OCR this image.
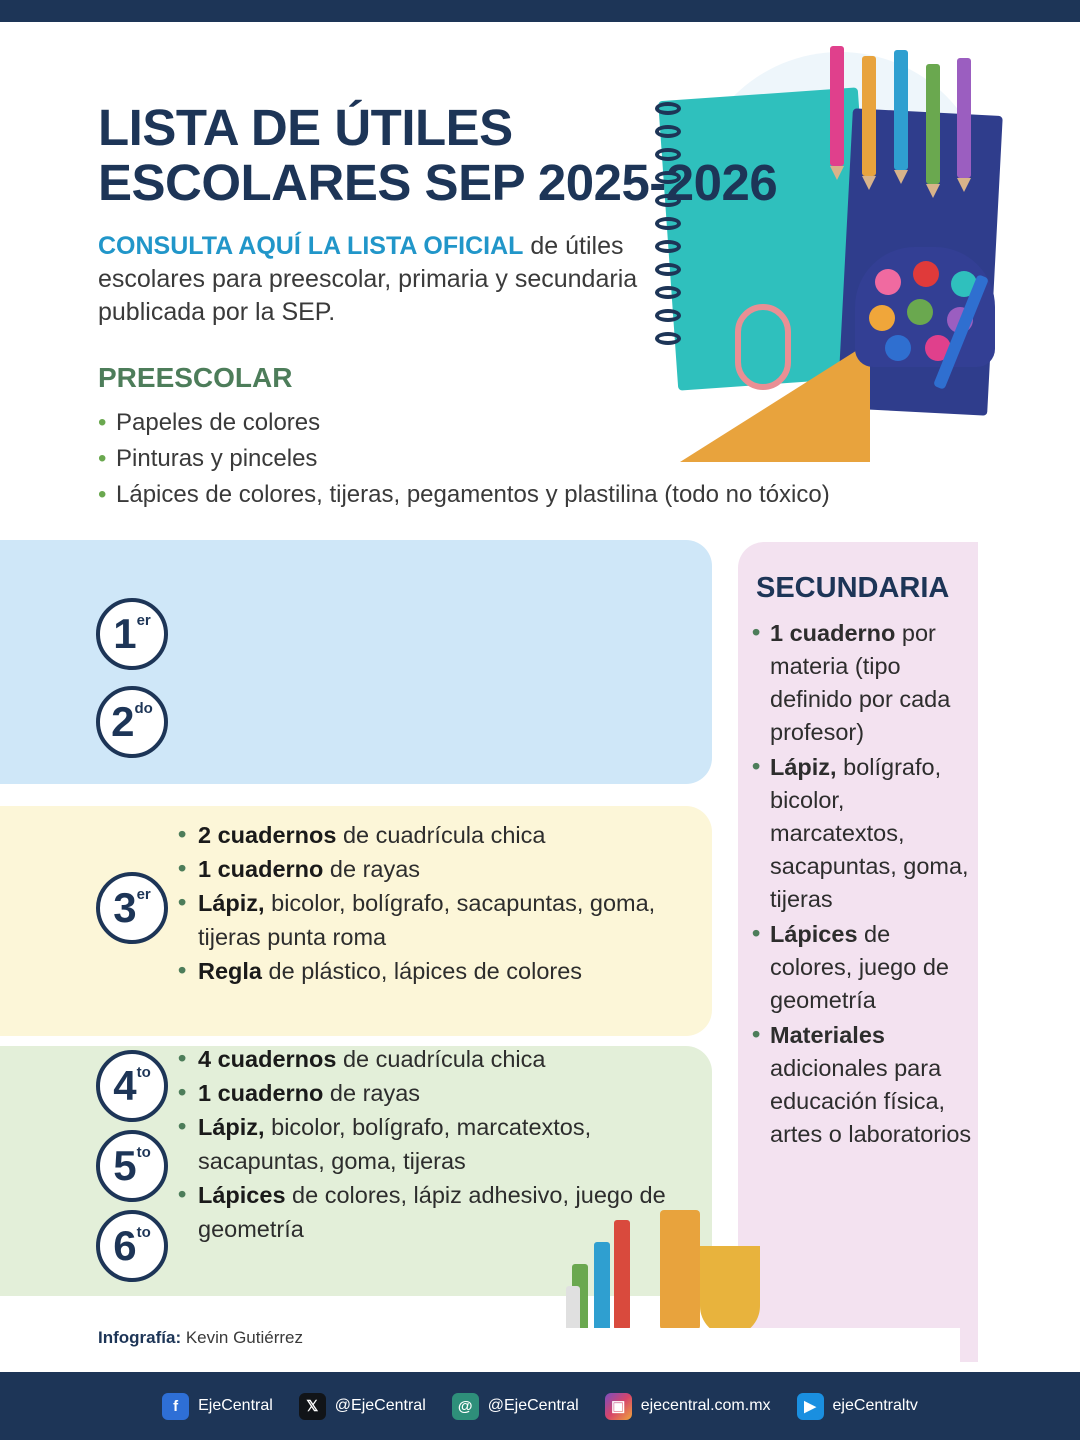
LISTA DE ÚTILES
ESCOLARES SEP 2025-2026
CONSULTA AQUÍ LA LISTA OFICIAL de útiles escolares para preescolar, primaria y secundaria publicada por la SEP.
PREESCOLAR
• Papeles de colores
• Pinturas y pinceles
• Lápices de colores, tijeras, pegamentos y plastilina (todo no tóxico)
1 er
2 do
•
•
•
•
3 er
• 2 cuadernos de cuadrícula chica
• 1 cuaderno de rayas
• Lápiz, bicolor, bolígrafo, sacapuntas, goma, tijeras punta roma
• Regla de plástico, lápices de colores
4 to
5 to
6 to
• 4 cuadernos de cuadrícula chica
• 1 cuaderno de rayas
• Lápiz, bicolor, bolígrafo, marcatextos, sacapuntas, goma, tijeras
• Lápices de colores, lápiz adhesivo, juego de geometría
SECUNDARIA
• 1 cuaderno por materia (tipo definido por cada profesor)
• Lápiz, bolígrafo, bicolor, marcatextos, sacapuntas, goma, tijeras
• Lápices de colores, juego de geometría
• Materiales adicionales para educación física, artes o laboratorios
Infografía: Kevin Gutiérrez
f	EjeCentral	𝕏	@EjeCentral	@ @EjeCentral	▣ ejecentral.com.mx	▶	ejeCentraltv
